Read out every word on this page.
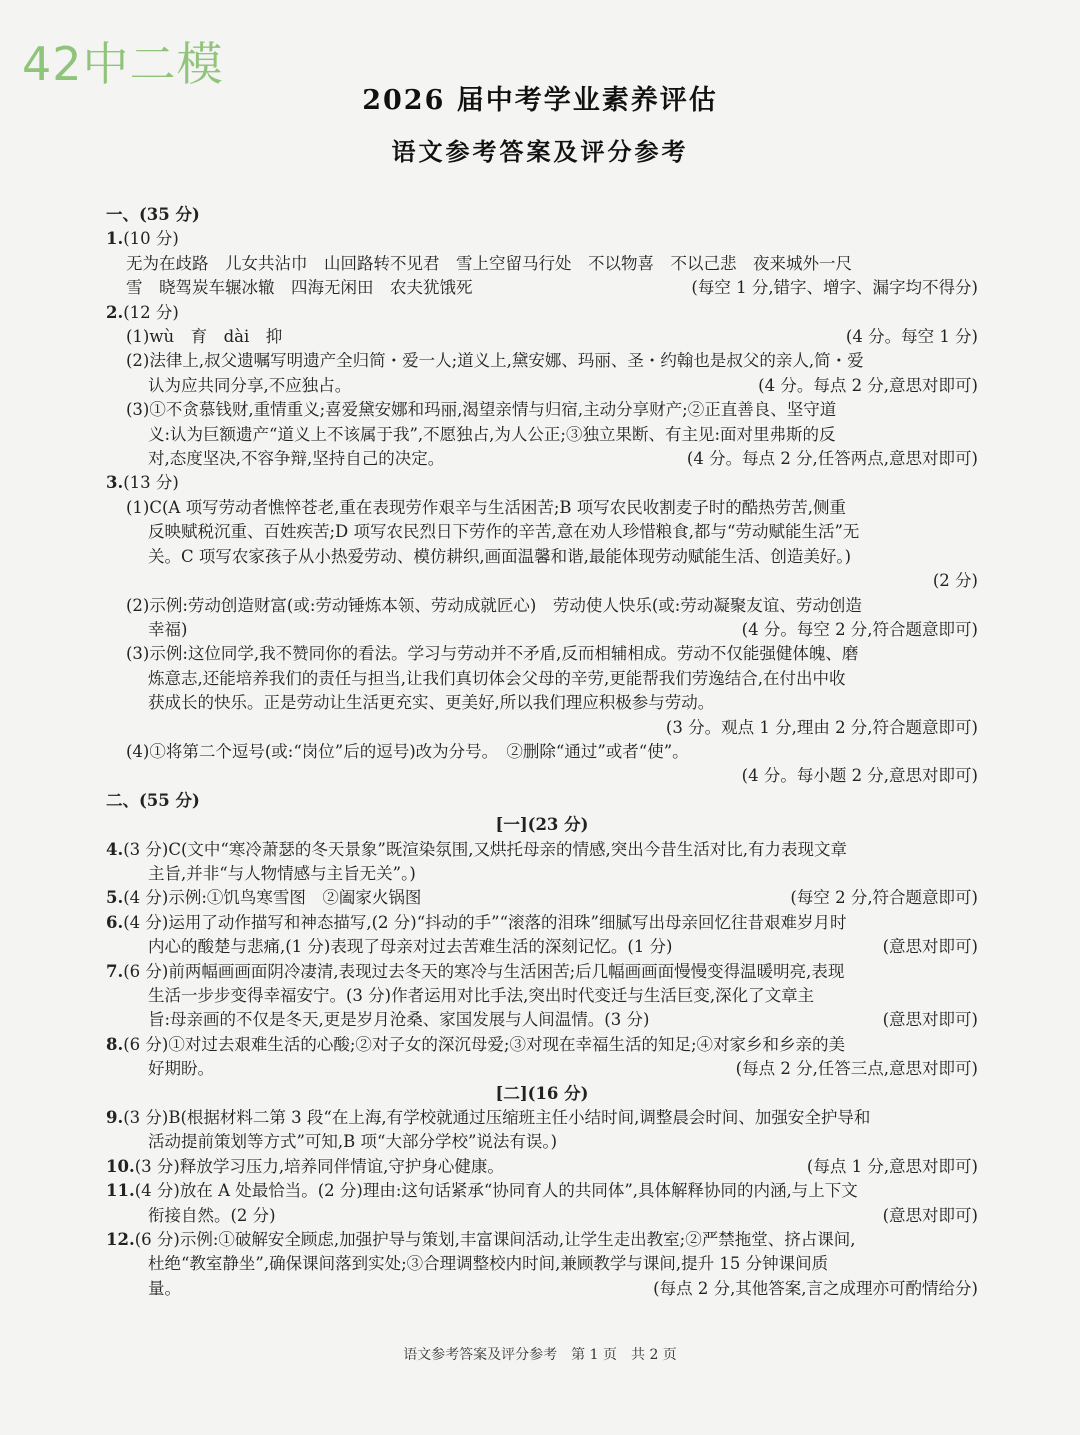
42中二模
2026 届中考学业素养评估
语文参考答案及评分参考
一、(35 分)
1.(10 分)
无为在歧路　儿女共沾巾　山回路转不见君　雪上空留马行处　不以物喜　不以己悲　夜来城外一尺
雪　晓驾炭车辗冰辙　四海无闲田　农夫犹饿死	(每空 1 分,错字、增字、漏字均不得分)
2.(12 分)
(1)wù　育　dài　抑	(4 分。每空 1 分)
(2)法律上,叔父遗嘱写明遗产全归简・爱一人;道义上,黛安娜、玛丽、圣・约翰也是叔父的亲人,简・爱
认为应共同分享,不应独占。	(4 分。每点 2 分,意思对即可)
(3)①不贪慕钱财,重情重义;喜爱黛安娜和玛丽,渴望亲情与归宿,主动分享财产;②正直善良、坚守道
义:认为巨额遗产“道义上不该属于我”,不愿独占,为人公正;③独立果断、有主见:面对里弗斯的反
对,态度坚决,不容争辩,坚持自己的决定。	(4 分。每点 2 分,任答两点,意思对即可)
3.(13 分)
(1)C(A 项写劳动者憔悴苍老,重在表现劳作艰辛与生活困苦;B 项写农民收割麦子时的酷热劳苦,侧重
反映赋税沉重、百姓疾苦;D 项写农民烈日下劳作的辛苦,意在劝人珍惜粮食,都与“劳动赋能生活”无
关。C 项写农家孩子从小热爱劳动、模仿耕织,画面温馨和谐,最能体现劳动赋能生活、创造美好。)
(2 分)
(2)示例:劳动创造财富(或:劳动锤炼本领、劳动成就匠心)　劳动使人快乐(或:劳动凝聚友谊、劳动创造
幸福)	(4 分。每空 2 分,符合题意即可)
(3)示例:这位同学,我不赞同你的看法。学习与劳动并不矛盾,反而相辅相成。劳动不仅能强健体魄、磨
炼意志,还能培养我们的责任与担当,让我们真切体会父母的辛劳,更能帮我们劳逸结合,在付出中收
获成长的快乐。正是劳动让生活更充实、更美好,所以我们理应积极参与劳动。
(3 分。观点 1 分,理由 2 分,符合题意即可)
(4)①将第二个逗号(或:“岗位”后的逗号)改为分号。　②删除“通过”或者“使”。
(4 分。每小题 2 分,意思对即可)
二、(55 分)
[一](23 分)
4.(3 分)C(文中“寒冷萧瑟的冬天景象”既渲染氛围,又烘托母亲的情感,突出今昔生活对比,有力表现文章
主旨,并非“与人物情感与主旨无关”。)
5.(4 分)示例:①饥鸟寒雪图　②阖家火锅图	(每空 2 分,符合题意即可)
6.(4 分)运用了动作描写和神态描写,(2 分)“抖动的手”“滚落的泪珠”细腻写出母亲回忆往昔艰难岁月时
内心的酸楚与悲痛,(1 分)表现了母亲对过去苦难生活的深刻记忆。(1 分)	(意思对即可)
7.(6 分)前两幅画画面阴冷凄清,表现过去冬天的寒冷与生活困苦;后几幅画画面慢慢变得温暖明亮,表现
生活一步步变得幸福安宁。(3 分)作者运用对比手法,突出时代变迁与生活巨变,深化了文章主
旨:母亲画的不仅是冬天,更是岁月沧桑、家国发展与人间温情。(3 分)	(意思对即可)
8.(6 分)①对过去艰难生活的心酸;②对子女的深沉母爱;③对现在幸福生活的知足;④对家乡和乡亲的美
好期盼。	(每点 2 分,任答三点,意思对即可)
[二](16 分)
9.(3 分)B(根据材料二第 3 段“在上海,有学校就通过压缩班主任小结时间,调整晨会时间、加强安全护导和
活动提前策划等方式”可知,B 项“大部分学校”说法有误。)
10.(3 分)释放学习压力,培养同伴情谊,守护身心健康。	(每点 1 分,意思对即可)
11.(4 分)放在 A 处最恰当。(2 分)理由:这句话紧承“协同育人的共同体”,具体解释协同的内涵,与上下文
衔接自然。(2 分)	(意思对即可)
12.(6 分)示例:①破解安全顾虑,加强护导与策划,丰富课间活动,让学生走出教室;②严禁拖堂、挤占课间,
杜绝“教室静坐”,确保课间落到实处;③合理调整校内时间,兼顾教学与课间,提升 15 分钟课间质
量。	(每点 2 分,其他答案,言之成理亦可酌情给分)
语文参考答案及评分参考　第 1 页　共 2 页
